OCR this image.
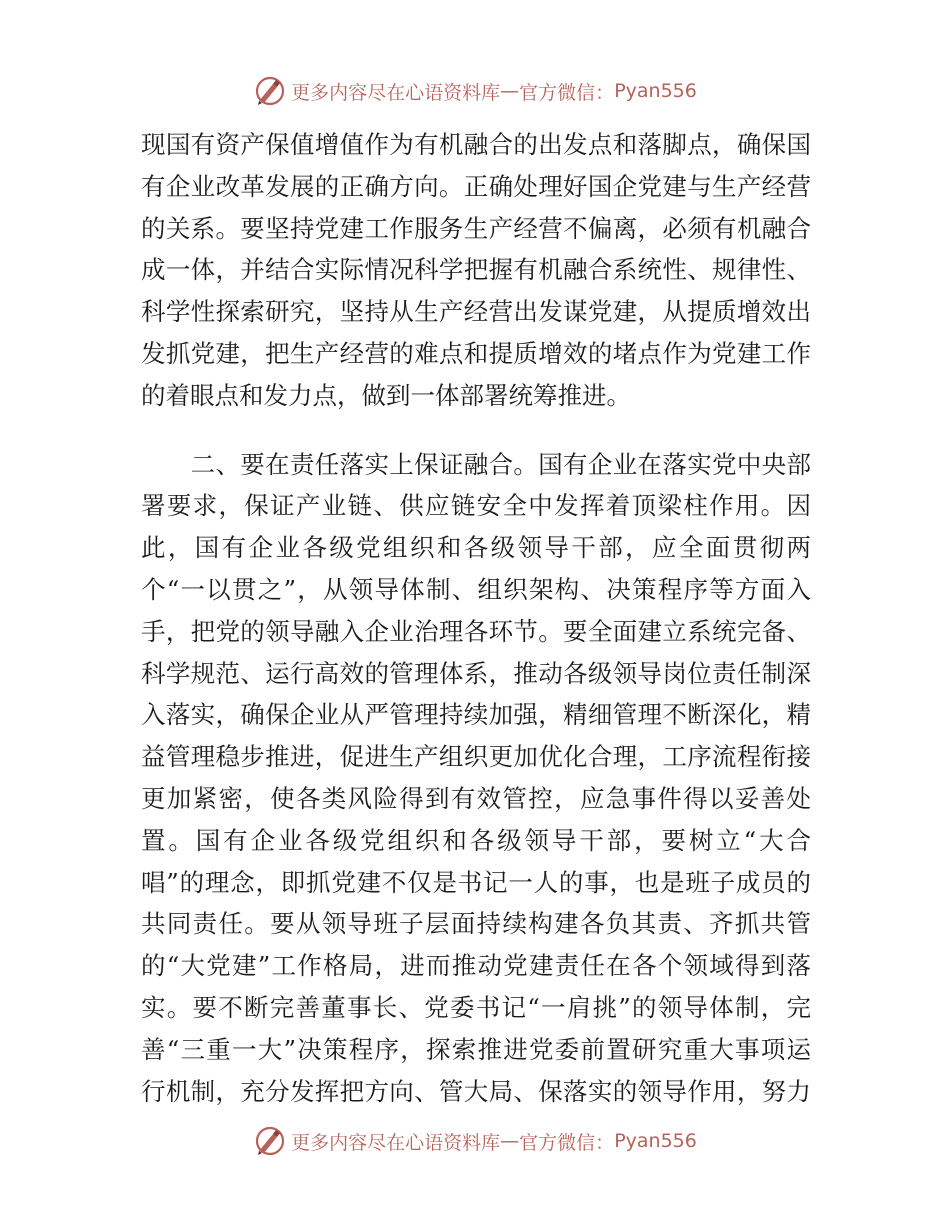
更多内容尽在心语资料库 — 官方微信： Pyan556
现国有资产保值增值作为有机融合的出发点和落脚点，确保国
有企业改革发展的正确方向。正确处理好国企党建与生产经营
的关系。要坚持党建工作服务生产经营不偏离，必须有机融合
成一体，并结合实际情况科学把握有机融合系统性、规律性、
科学性探索研究，坚持从生产经营出发谋党建，从提质增效出
发抓党建，把生产经营的难点和提质增效的堵点作为党建工作
的着眼点和发力点，做到一体部署统筹推进。
　　二、要在责任落实上保证融合。国有企业在落实党中央部
署要求，保证产业链、供应链安全中发挥着顶梁柱作用。因
此，国有企业各级党组织和各级领导干部，应全面贯彻两
个“一以贯之”，从领导体制、组织架构、决策程序等方面入
手，把党的领导融入企业治理各环节。要全面建立系统完备、
科学规范、运行高效的管理体系，推动各级领导岗位责任制深
入落实，确保企业从严管理持续加强，精细管理不断深化，精
益管理稳步推进，促进生产组织更加优化合理，工序流程衔接
更加紧密，使各类风险得到有效管控，应急事件得以妥善处
置。国有企业各级党组织和各级领导干部，要树立“大合
唱”的理念，即抓党建不仅是书记一人的事，也是班子成员的
共同责任。要从领导班子层面持续构建各负其责、齐抓共管
的“大党建”工作格局，进而推动党建责任在各个领域得到落
实。要不断完善董事长、党委书记“一肩挑”的领导体制，完
善“三重一大”决策程序，探索推进党委前置研究重大事项运
行机制，充分发挥把方向、管大局、保落实的领导作用，努力
更多内容尽在心语资料库 — 官方微信： Pyan556
